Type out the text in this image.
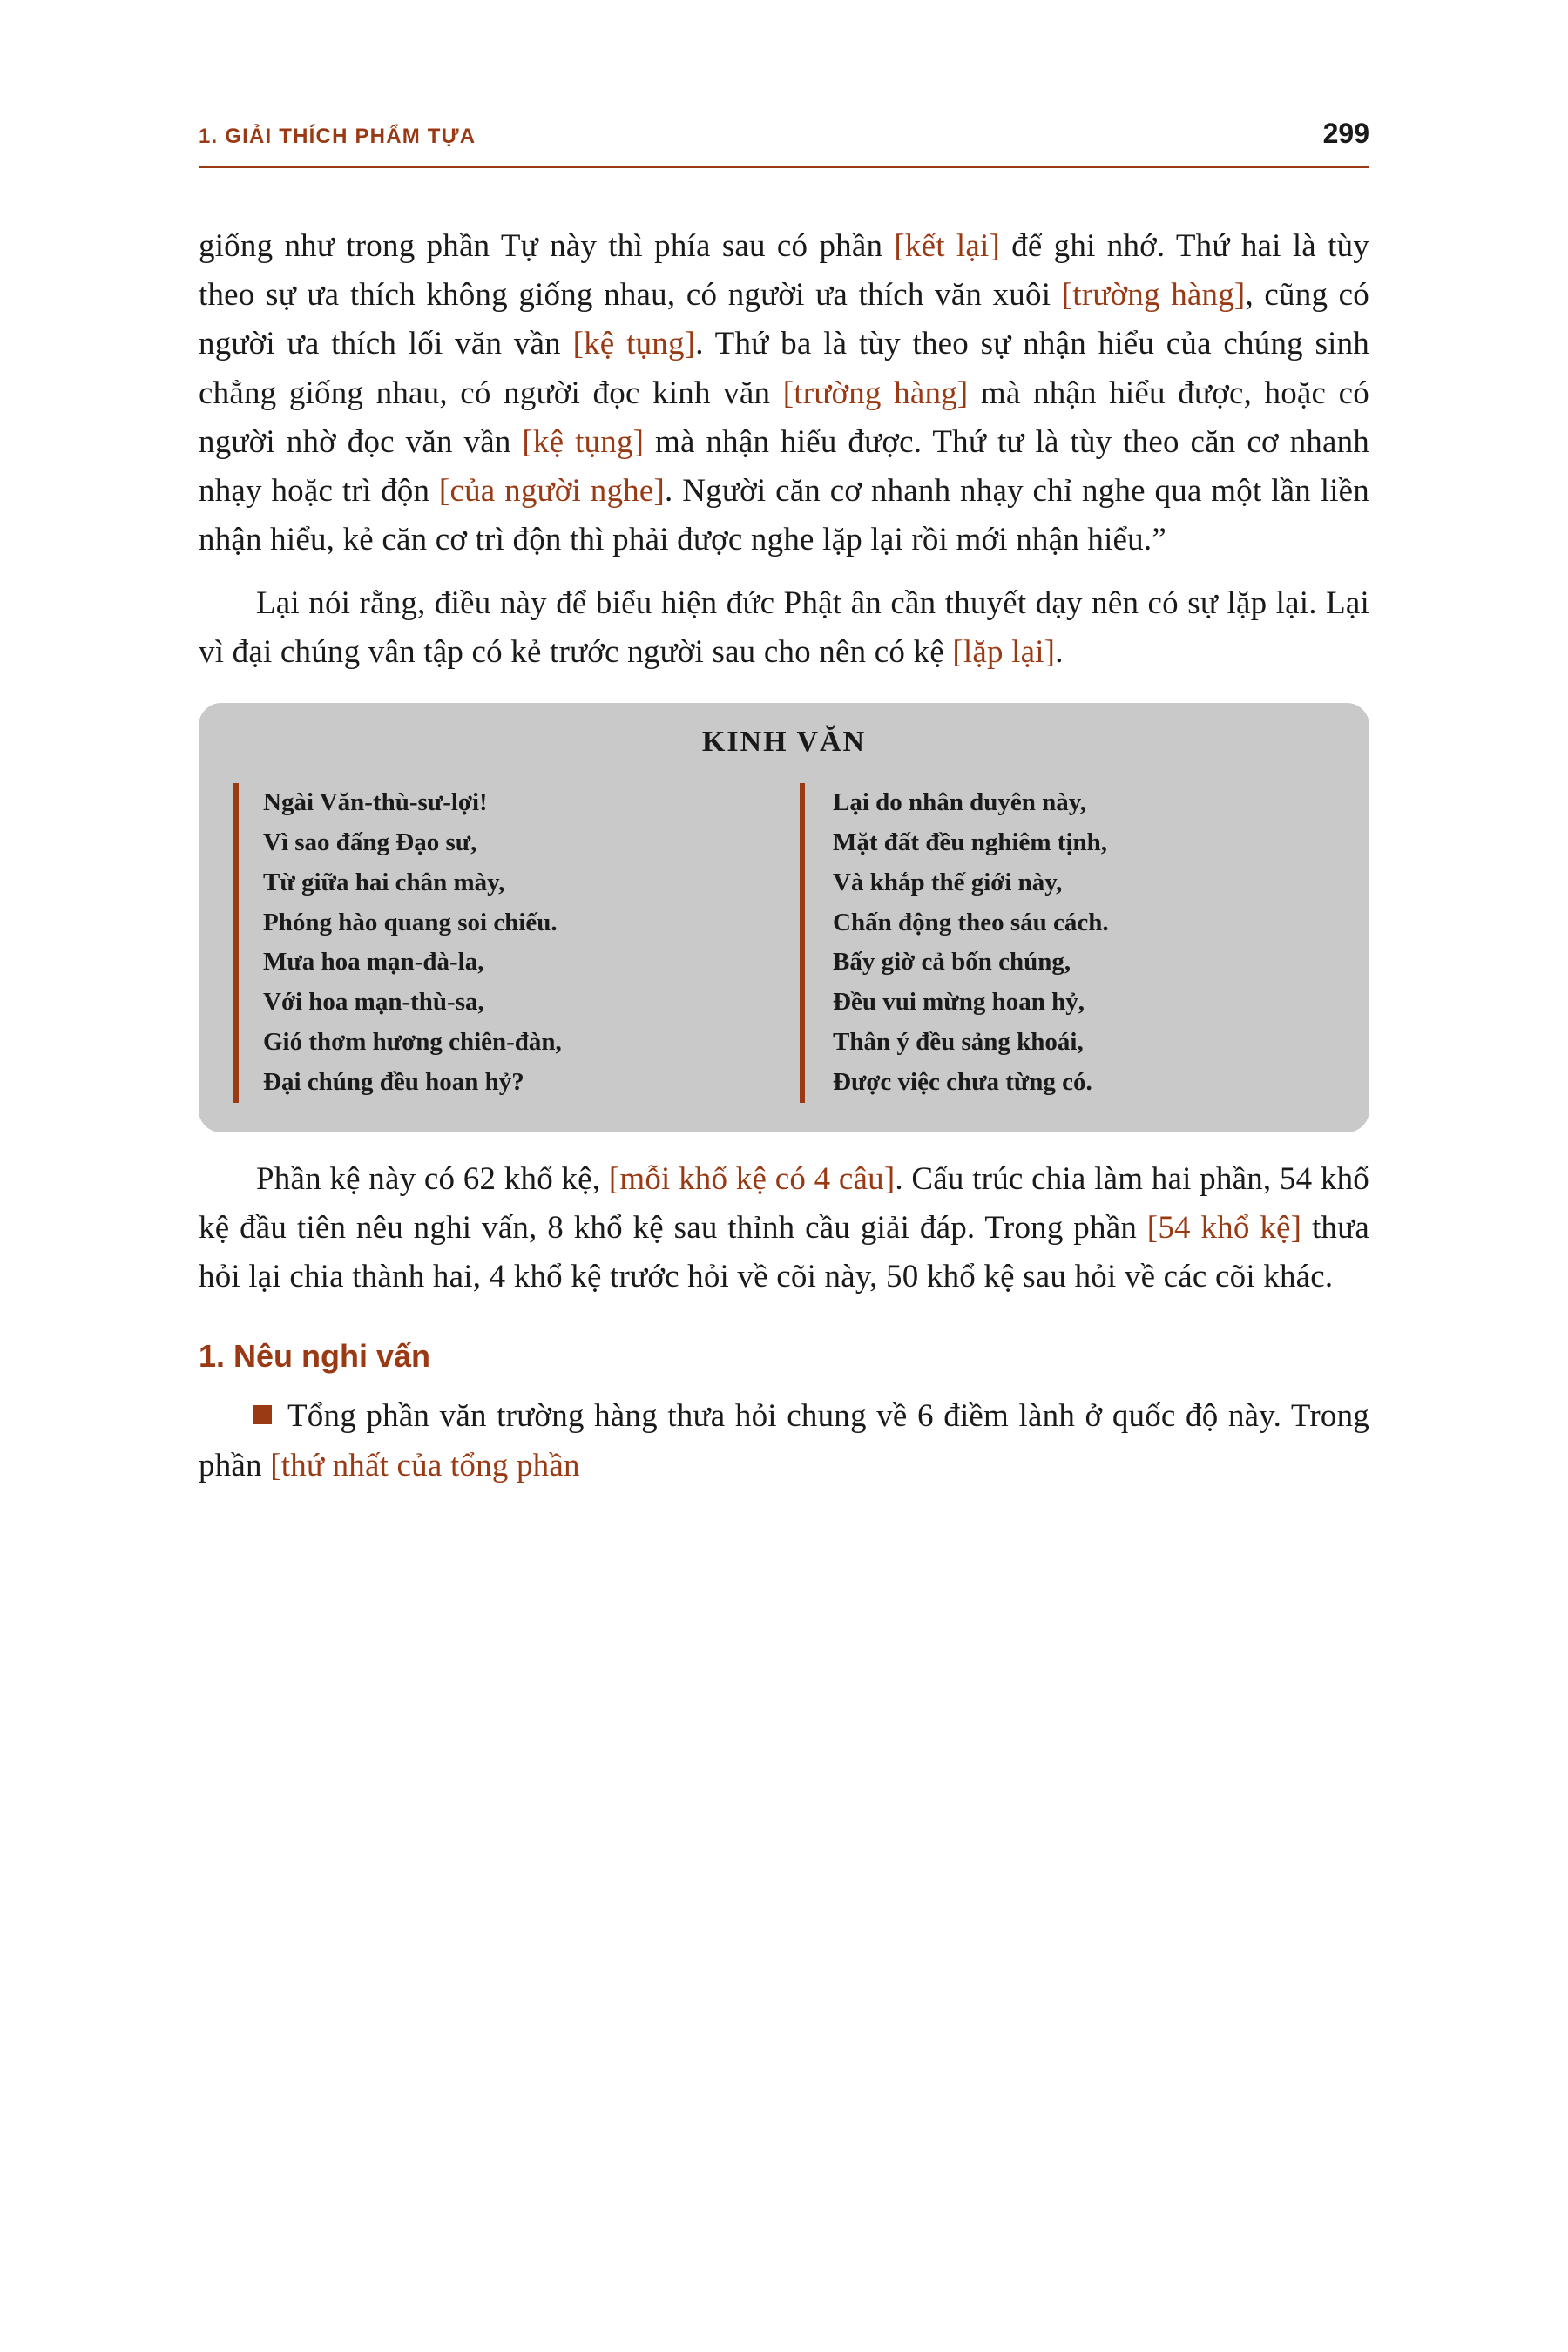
1. GIẢI THÍCH PHẨM TỰA	299

giống như trong phần Tự này thì phía sau có phần [kết lại] để ghi nhớ. Thứ hai là tùy theo sự ưa thích không giống nhau, có người ưa thích văn xuôi [trường hàng], cũng có người ưa thích lối văn vần [kệ tụng]. Thứ ba là tùy theo sự nhận hiểu của chúng sinh chẳng giống nhau, có người đọc kinh văn [trường hàng] mà nhận hiểu được, hoặc có người nhờ đọc văn vần [kệ tụng] mà nhận hiểu được. Thứ tư là tùy theo căn cơ nhanh nhạy hoặc trì độn [của người nghe]. Người căn cơ nhanh nhạy chỉ nghe qua một lần liền nhận hiểu, kẻ căn cơ trì độn thì phải được nghe lặp lại rồi mới nhận hiểu.”

Lại nói rằng, điều này để biểu hiện đức Phật ân cần thuyết dạy nên có sự lặp lại. Lại vì đại chúng vân tập có kẻ trước người sau cho nên có kệ [lặp lại].

KINH VĂN
Ngài Văn-thù-sư-lợi!
Vì sao đấng Đạo sư,
Từ giữa hai chân mày,
Phóng hào quang soi chiếu.
Mưa hoa mạn-đà-la,
Với hoa mạn-thù-sa,
Gió thơm hương chiên-đàn,
Đại chúng đều hoan hỷ?
Lại do nhân duyên này,
Mặt đất đều nghiêm tịnh,
Và khắp thế giới này,
Chấn động theo sáu cách.
Bấy giờ cả bốn chúng,
Đều vui mừng hoan hỷ,
Thân ý đều sảng khoái,
Được việc chưa từng có.

Phần kệ này có 62 khổ kệ, [mỗi khổ kệ có 4 câu]. Cấu trúc chia làm hai phần, 54 khổ kệ đầu tiên nêu nghi vấn, 8 khổ kệ sau thỉnh cầu giải đáp. Trong phần [54 khổ kệ] thưa hỏi lại chia thành hai, 4 khổ kệ trước hỏi về cõi này, 50 khổ kệ sau hỏi về các cõi khác.

1. Nêu nghi vấn

Tổng phần văn trường hàng thưa hỏi chung về 6 điềm lành ở quốc độ này. Trong phần [thứ nhất của tổng phần
